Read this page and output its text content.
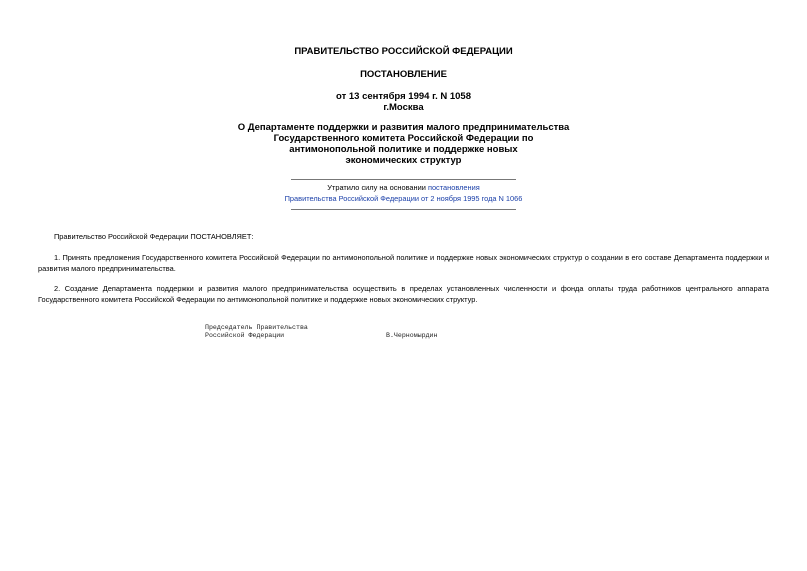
ПРАВИТЕЛЬСТВО РОССИЙСКОЙ ФЕДЕРАЦИИ
ПОСТАНОВЛЕНИЕ
от 13 сентября 1994 г. N 1058
г.Москва
О Департаменте поддержки и развития малого предпринимательства
Государственного комитета Российской Федерации по
антимонопольной политике и поддержке новых
экономических структур
Утратило силу на основании постановления
Правительства Российской Федерации от 2 ноября 1995 года N 1066
Правительство Российской Федерации ПОСТАНОВЛЯЕТ:
1. Принять предложения Государственного комитета Российской Федерации по антимонопольной политике и поддержке новых экономических структур о создании в его составе Департамента поддержки и развития малого предпринимательства.
2. Создание Департамента поддержки и развития малого предпринимательства осуществить в пределах установленных численности и фонда оплаты труда работников центрального аппарата Государственного комитета Российской Федерации по антимонопольной политике и поддержке новых экономических структур.
Председатель Правительства
Российской Федерации	В.Черномырдин
